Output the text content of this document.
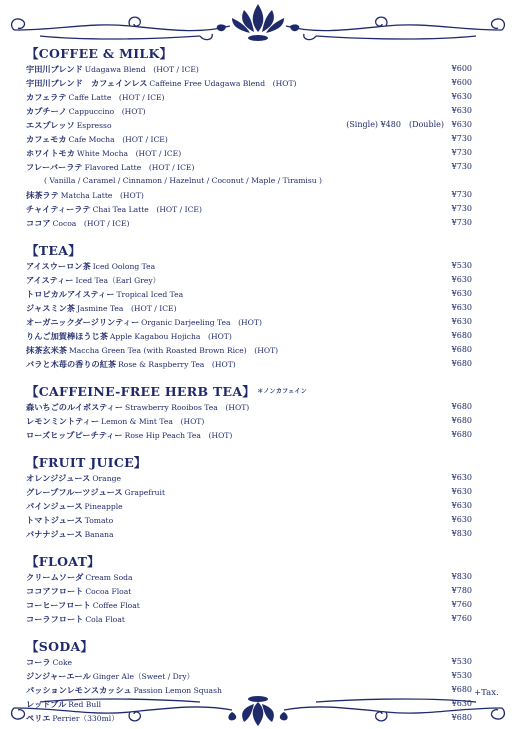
【COFFEE & MILK】
宇田川ブレンド Udagawa Blend　(HOT / ICE)	¥600
宇田川ブレンド　カフェインレス Caffeine Free Udagawa Blend　(HOT)	¥600
カフェラテ Caffe Latte　(HOT / ICE)	¥630
カプチーノ Cappuccino　(HOT)	¥630
エスプレッソ Espresso	(Single) ¥480　(Double) ¥630
カフェモカ Cafe Mocha　(HOT / ICE)	¥730
ホワイトモカ White Mocha　(HOT / ICE)	¥730
フレーバーラテ Flavored Latte　(HOT / ICE)	¥730
( Vanilla / Caramel / Cinnamon / Hazelnut / Coconut / Maple / Tiramisu )
抹茶ラテ Matcha Latte　(HOT)	¥730
チャイティーラテ Chai Tea Latte　(HOT / ICE)	¥730
ココア Cocoa　(HOT / ICE)	¥730
【TEA】
アイスウーロン茶 Iced Oolong Tea	¥530
アイスティー Iced Tea（Earl Grey）	¥630
トロピカルアイスティー Tropical Iced Tea	¥630
ジャスミン茶 Jasmine Tea　(HOT / ICE)	¥630
オーガニックダージリンティー Organic Darjeeling Tea　(HOT)	¥630
りんご加賀棒ほうじ茶 Apple Kagabou Hojicha　(HOT)	¥680
抹茶玄米茶 Maccha Green Tea (with Roasted Brown Rice)　(HOT)	¥680
バラと木苺の香りの紅茶 Rose & Raspberry Tea　(HOT)	¥680
【CAFFEINE-FREE HERB TEA】 $^{*ノンカフェイン}$
森いちごのルイボスティー Strawberry Rooibos Tea　(HOT)	¥680
レモンミントティー Lemon & Mint Tea　(HOT)	¥680
ローズヒップピーチティー Rose Hip Peach Tea　(HOT)	¥680
【FRUIT JUICE】
オレンジジュース Orange	¥630
グレープフルーツジュース Grapefruit	¥630
パインジュース Pineapple	¥630
トマトジュース Tomato	¥630
バナナジュース Banana	¥830
【FLOAT】
クリームソーダ Cream Soda	¥830
ココアフロート Cocoa Float	¥780
コーヒーフロート Coffee Float	¥760
コーラフロート Cola Float	¥760
【SODA】
コーラ Coke	¥530
ジンジャーエール Ginger Ale（Sweet / Dry）	¥530
パッションレモンスカッシュ Passion Lemon Squash	¥680
レッドブル Red Bull	¥630
ペリエ Perrier（330ml）	¥680
+Tax.
